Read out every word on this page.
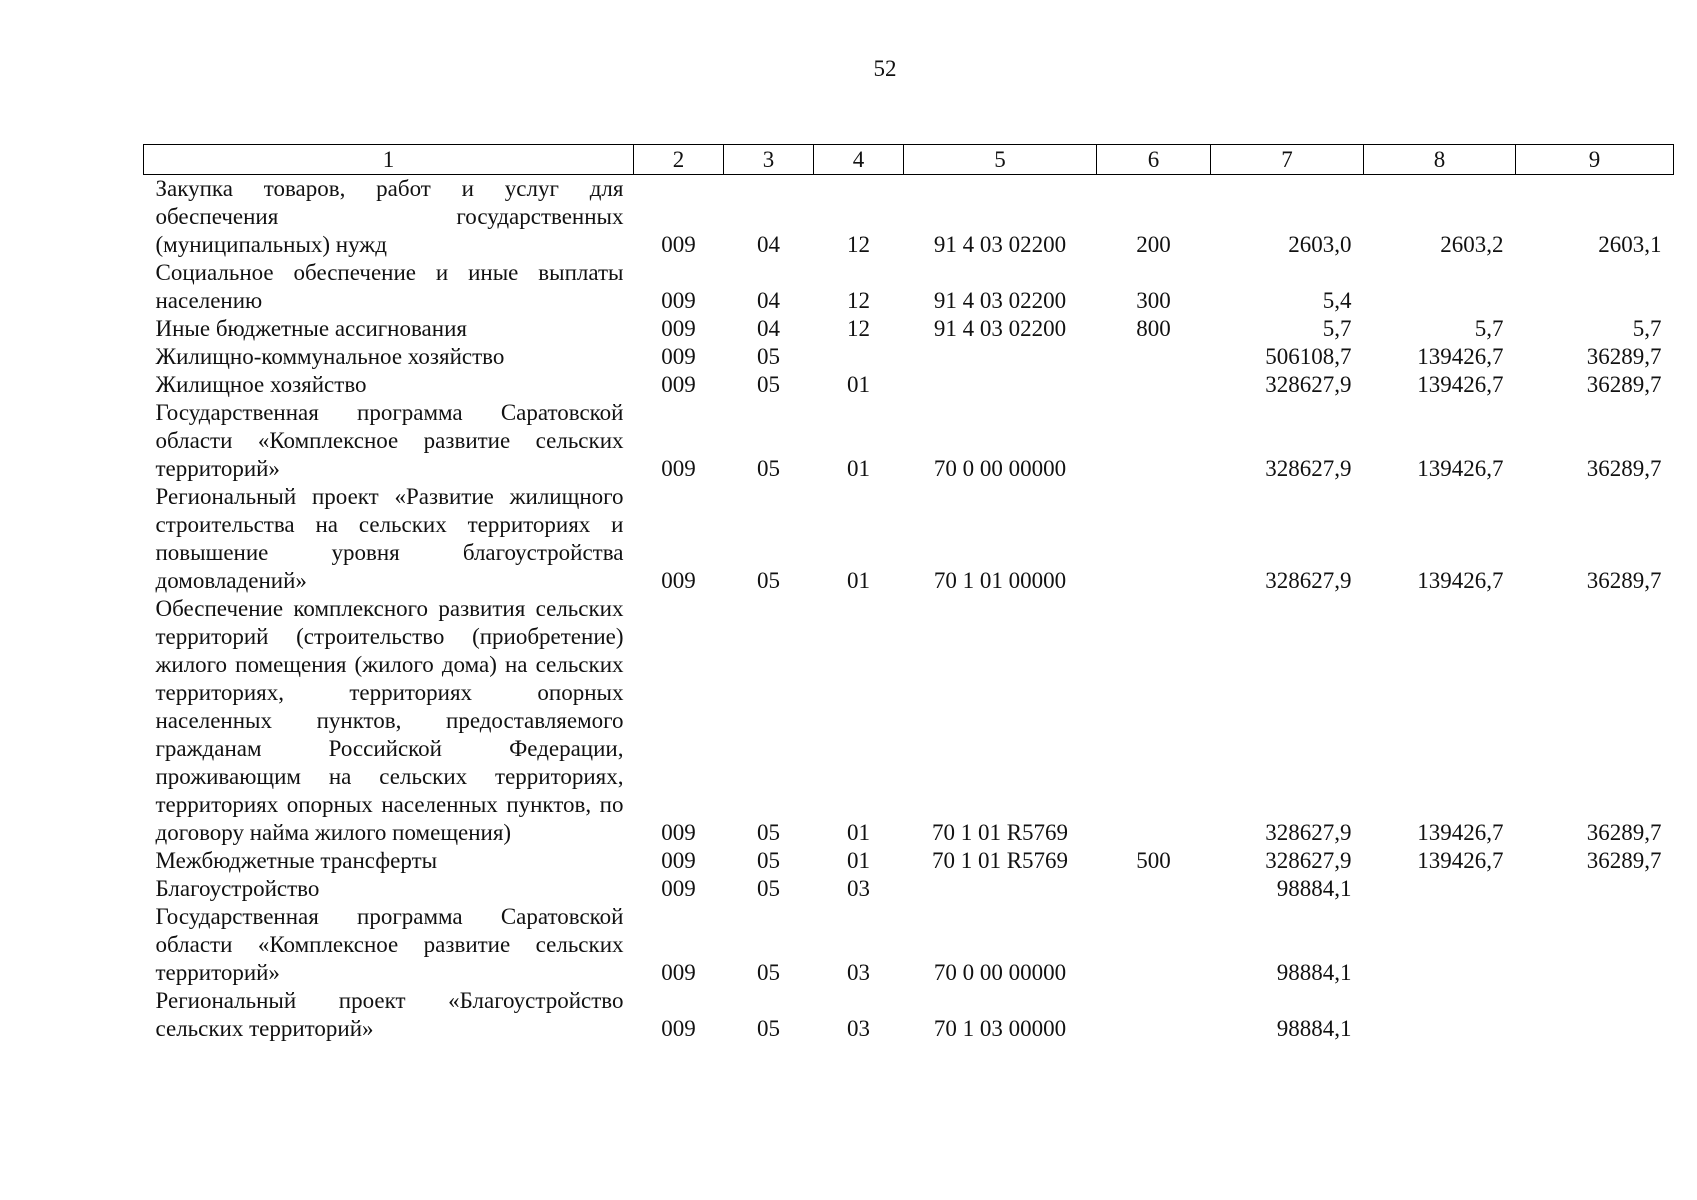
52
1	2	3	4	5	6	7	8	9
Закупка товаров, работ и услуг для обеспечения государственных (муниципальных) нужд	009	04	12	91 4 03 02200	200	2603,0	2603,2	2603,1
Социальное обеспечение и иные выплаты населению	009	04	12	91 4 03 02200	300	5,4		
Иные бюджетные ассигнования	009	04	12	91 4 03 02200	800	5,7	5,7	5,7
Жилищно-коммунальное хозяйство	009	05				506108,7	139426,7	36289,7
Жилищное хозяйство	009	05	01			328627,9	139426,7	36289,7
Государственная программа Саратовской области «Комплексное развитие сельских территорий»	009	05	01	70 0 00 00000		328627,9	139426,7	36289,7
Региональный проект «Развитие жилищного строительства на сельских территориях и повышение уровня благоустройства домовладений»	009	05	01	70 1 01 00000		328627,9	139426,7	36289,7
Обеспечение комплексного развития сельских территорий (строительство (приобретение) жилого помещения (жилого дома) на сельских территориях, территориях опорных населенных пунктов, предоставляемого гражданам Российской Федерации, проживающим на сельских территориях, территориях опорных населенных пунктов, по договору найма жилого помещения)	009	05	01	70 1 01 R5769		328627,9	139426,7	36289,7
Межбюджетные трансферты	009	05	01	70 1 01 R5769	500	328627,9	139426,7	36289,7
Благоустройство	009	05	03			98884,1		
Государственная программа Саратовской области «Комплексное развитие сельских территорий»	009	05	03	70 0 00 00000		98884,1		
Региональный проект «Благоустройство сельских территорий»	009	05	03	70 1 03 00000		98884,1		
